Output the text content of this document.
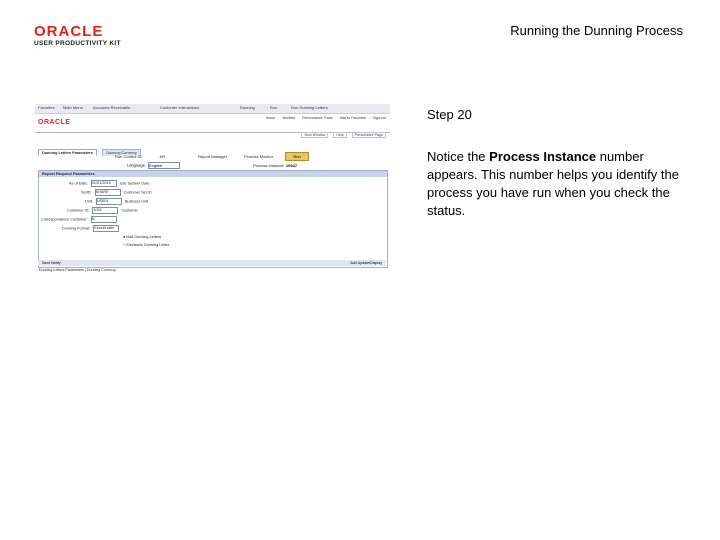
ORACLE
USER PRODUCTIVITY KIT
Running the Dunning Process
Favorites Main Menu	Accounts Receivable	Customer Interactions	Dunning	Run	Run Dunning Letters
ORACLE
Home Worklist Performance Trace Add to Favorites Sign out
New Window	Help	Personalize Page
Dunning Letters Parameters	Dunning Currency
Run Control ID:	AR	Report Manager	Process Monitor	Run
Language: English	Process Instance: 10947
Report Request Parameters
As of Date: 01/01/2010 Use System Date
SetID: SHARE	Customer Set ID
Unit: US001	Business Unit
Customer ID: 1001	Customer
Correspondence Customer: N
Dunning Format: Excel/Letter
● Mail Dunning Letters
○ Electronic Dunning Letter
Save Notify	Add Update/Display
Dunning Letters Parameters | Dunning Currency
Step 20
Notice the Process Instance number appears. This number helps you identify the process you have run when you check the status.
